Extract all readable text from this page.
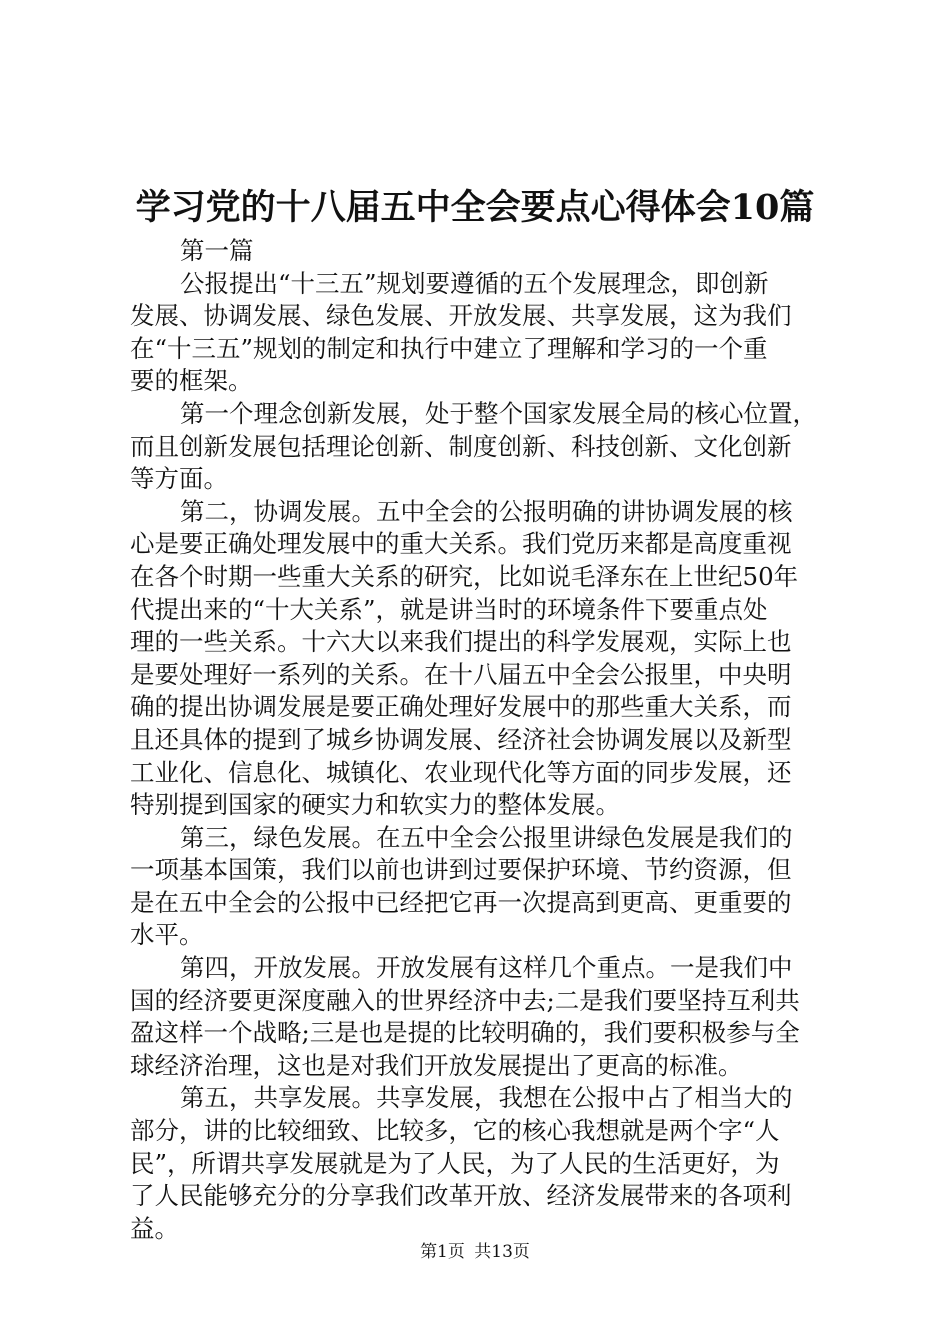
学习党的十八届五中全会要点心得体会10篇
第一篇
公报提出“十三五”规划要遵循的五个发展理念，即创新
发展、协调发展、绿色发展、开放发展、共享发展，这为我们
在“十三五”规划的制定和执行中建立了理解和学习的一个重
要的框架。
第一个理念创新发展，处于整个国家发展全局的核心位置，
而且创新发展包括理论创新、制度创新、科技创新、文化创新
等方面。
第二，协调发展。五中全会的公报明确的讲协调发展的核
心是要正确处理发展中的重大关系。我们党历来都是高度重视
在各个时期一些重大关系的研究，比如说毛泽东在上世纪50年
代提出来的“十大关系”，就是讲当时的环境条件下要重点处
理的一些关系。十六大以来我们提出的科学发展观，实际上也
是要处理好一系列的关系。在十八届五中全会公报里，中央明
确的提出协调发展是要正确处理好发展中的那些重大关系，而
且还具体的提到了城乡协调发展、经济社会协调发展以及新型
工业化、信息化、城镇化、农业现代化等方面的同步发展，还
特别提到国家的硬实力和软实力的整体发展。
第三，绿色发展。在五中全会公报里讲绿色发展是我们的
一项基本国策，我们以前也讲到过要保护环境、节约资源，但
是在五中全会的公报中已经把它再一次提高到更高、更重要的
水平。
第四，开放发展。开放发展有这样几个重点。一是我们中
国的经济要更深度融入的世界经济中去;二是我们要坚持互利共
盈这样一个战略;三是也是提的比较明确的，我们要积极参与全
球经济治理，这也是对我们开放发展提出了更高的标准。
第五，共享发展。共享发展，我想在公报中占了相当大的
部分，讲的比较细致、比较多，它的核心我想就是两个字“人
民”，所谓共享发展就是为了人民，为了人民的生活更好，为
了人民能够充分的分享我们改革开放、经济发展带来的各项利
益。
第1页 共13页
